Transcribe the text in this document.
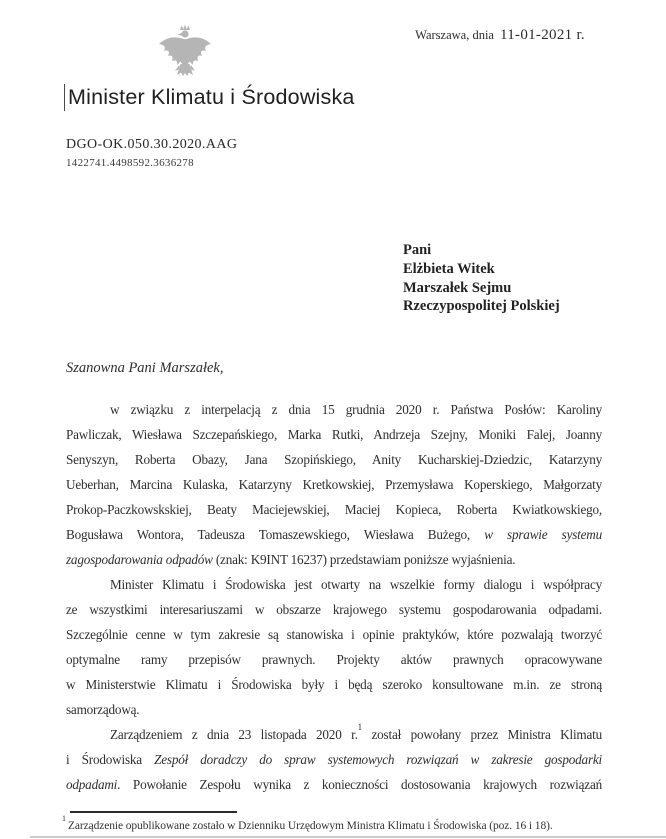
Warszawa, dnia 11-01-2021 r.
Minister Klimatu i Środowiska
DGO-OK.050.30.2020.AAG
1422741.4498592.3636278
Pani
Elżbieta Witek
Marszałek Sejmu
Rzeczypospolitej Polskiej
Szanowna Pani Marszałek,
w związku z interpelacją z dnia 15 grudnia 2020 r. Państwa Posłów: Karoliny
Pawliczak, Wiesława Szczepańskiego, Marka Rutki, Andrzeja Szejny, Moniki Falej, Joanny
Senyszyn, Roberta Obazy, Jana Szopińskiego, Anity Kucharskiej-Dziedzic, Katarzyny
Ueberhan, Marcina Kulaska, Katarzyny Kretkowskiej, Przemysława Koperskiego, Małgorzaty
Prokop-Paczkowskskiej, Beaty Maciejewskiej, Maciej Kopieca, Roberta Kwiatkowskiego,
Bogusława Wontora, Tadeusza Tomaszewskiego, Wiesława Bużego, w sprawie systemu
zagospodarowania odpadów (znak: K9INT 16237) przedstawiam poniższe wyjaśnienia.
Minister Klimatu i Środowiska jest otwarty na wszelkie formy dialogu i współpracy
ze wszystkimi interesariuszami w obszarze krajowego systemu gospodarowania odpadami.
Szczególnie cenne w tym zakresie są stanowiska i opinie praktyków, które pozwalają tworzyć
optymalne ramy przepisów prawnych. Projekty aktów prawnych opracowywane
w Ministerstwie Klimatu i Środowiska były i będą szeroko konsultowane m.in. ze stroną
samorządową.
Zarządzeniem z dnia 23 listopada 2020 r.$^1$ został powołany przez Ministra Klimatu
i Środowiska Zespół doradczy do spraw systemowych rozwiązań w zakresie gospodarki
odpadami. Powołanie Zespołu wynika z konieczności dostosowania krajowych rozwiązań
$^1$Zarządzenie opublikowane zostało w Dzienniku Urzędowym Ministra Klimatu i Środowiska (poz. 16 i 18).
